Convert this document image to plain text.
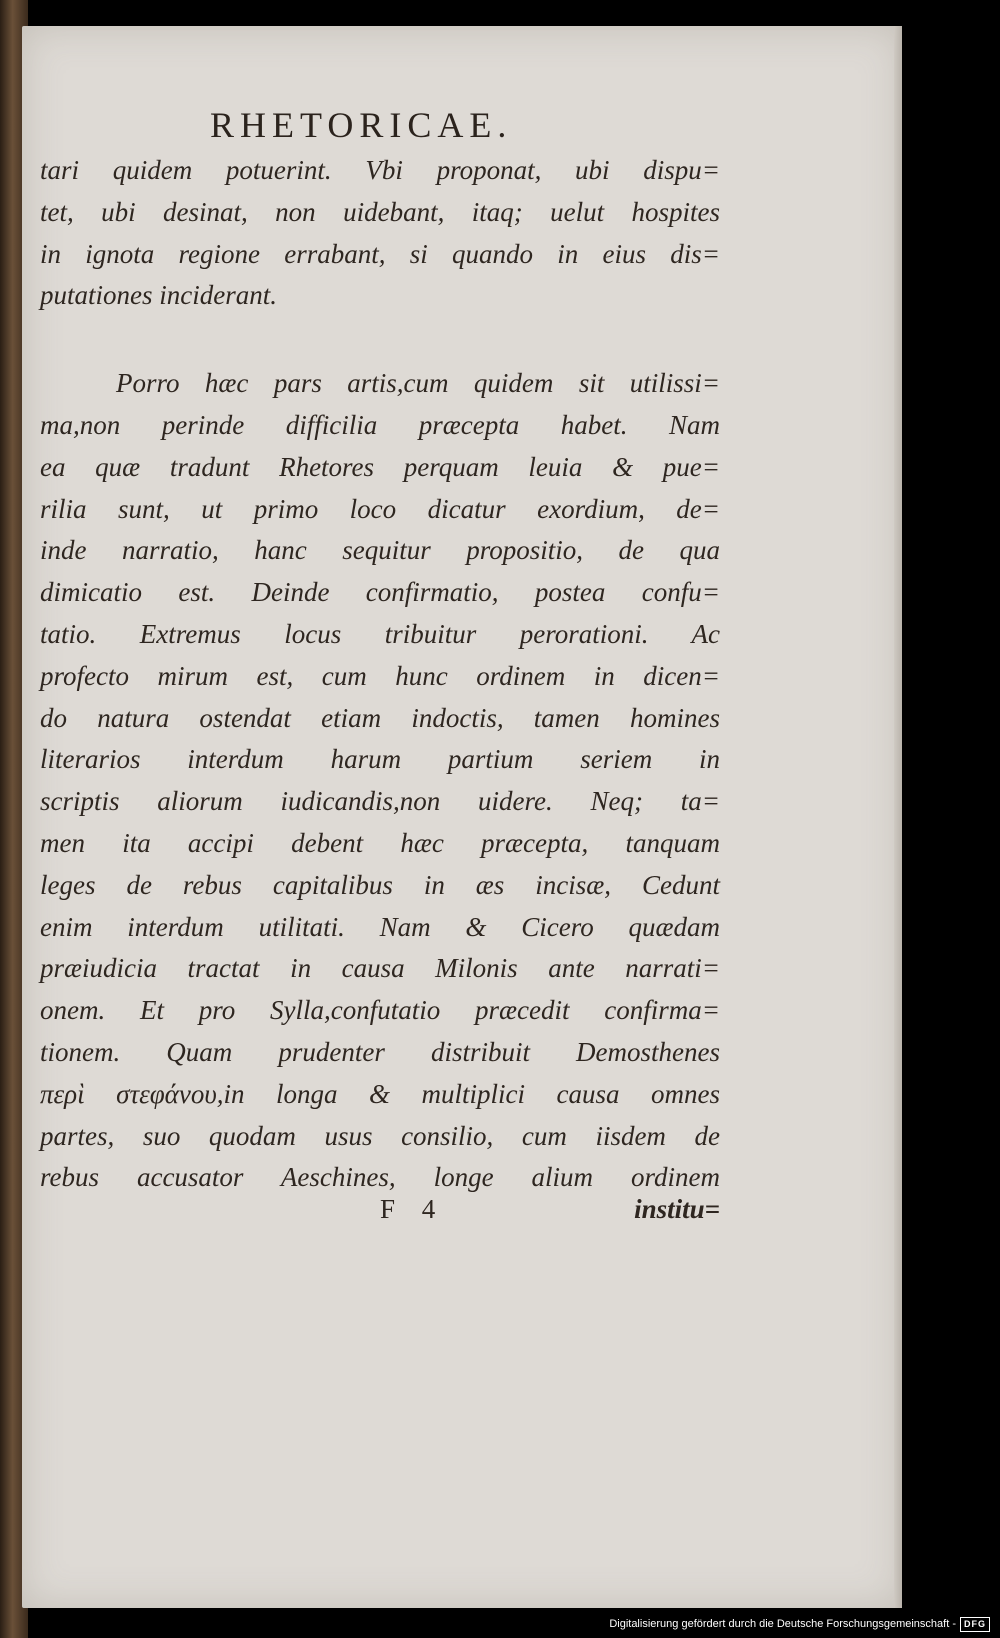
RHETORICAE.
tari quidem potuerint. Vbi proponat, ubi dispu=
tet, ubi desinat, non uidebant, itaq; uelut hospites
in ignota regione errabant, si quando in eius dis=
putationes inciderant.
Porro hæc pars artis,cum quidem sit utilissi=
ma,non perinde difficilia præcepta habet. Nam
ea quæ tradunt Rhetores perquam leuia & pue=
rilia sunt, ut primo loco dicatur exordium, de=
inde narratio, hanc sequitur propositio, de qua
dimicatio est. Deinde confirmatio, postea confu=
tatio. Extremus locus tribuitur perorationi. Ac
profecto mirum est, cum hunc ordinem in dicen=
do natura ostendat etiam indoctis, tamen homines
literarios interdum harum partium seriem in
scriptis aliorum iudicandis,non uidere. Neq; ta=
men ita accipi debent hæc præcepta, tanquam
leges de rebus capitalibus in æs incisæ, Cedunt
enim interdum utilitati. Nam & Cicero quædam
præiudicia tractat in causa Milonis ante narrati=
onem. Et pro Sylla,confutatio præcedit confirma=
tionem. Quam prudenter distribuit Demosthenes
περὶ στεφάνου,in longa & multiplici causa omnes
partes, suo quodam usus consilio, cum iisdem de
rebus accusator Aeschines, longe alium ordinem
F 4	institu=
Digitalisierung gefördert durch die Deutsche Forschungsgemeinschaft - DFG
